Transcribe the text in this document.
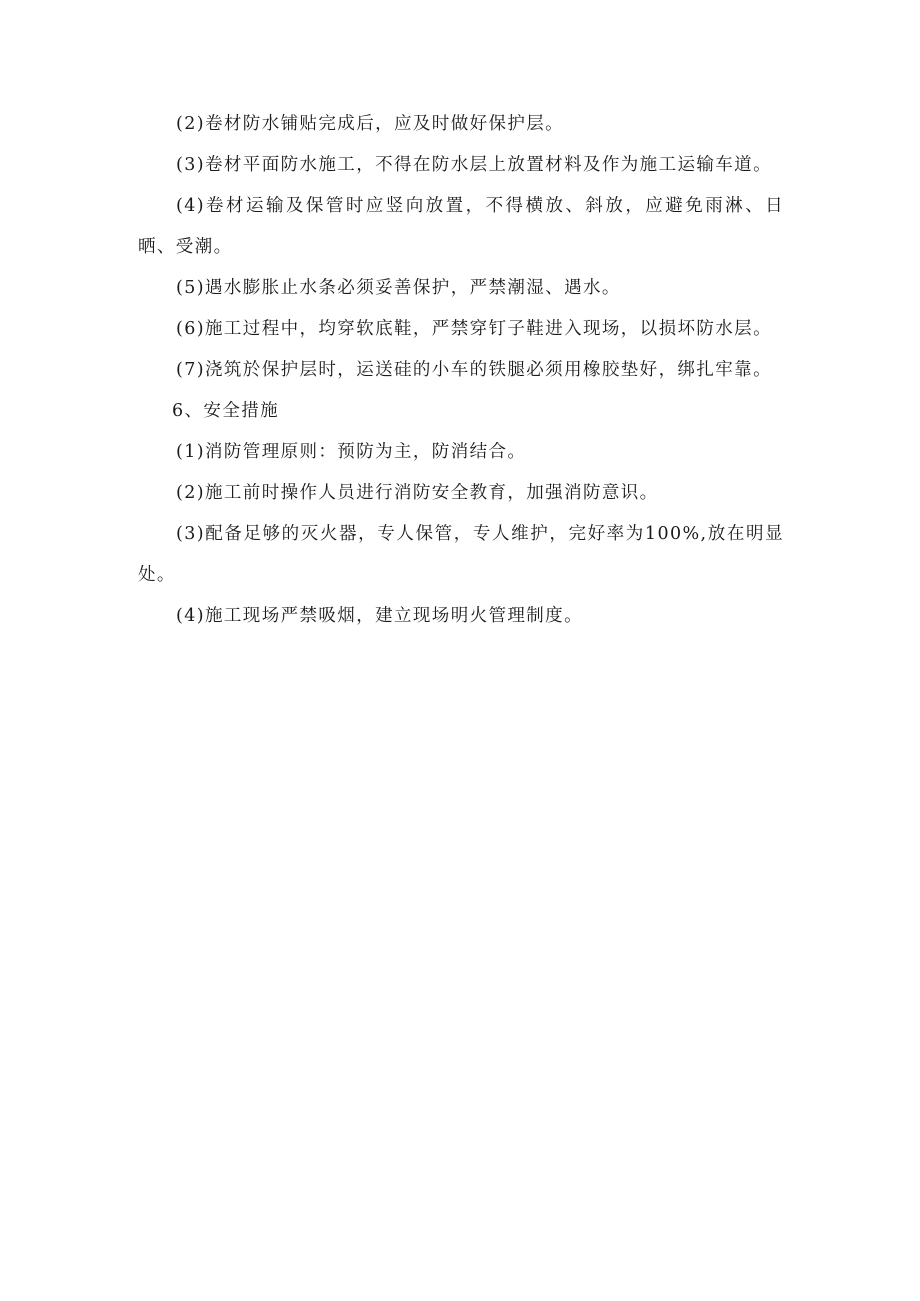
(2)卷材防水铺贴完成后，应及时做好保护层。

(3)卷材平面防水施工，不得在防水层上放置材料及作为施工运输车道。

(4)卷材运输及保管时应竖向放置，不得横放、斜放，应避免雨淋、日晒、受潮。

(5)遇水膨胀止水条必须妥善保护，严禁潮湿、遇水。

(6)施工过程中，均穿软底鞋，严禁穿钉子鞋进入现场，以损坏防水层。

(7)浇筑於保护层时，运送硅的小车的铁腿必须用橡胶垫好，绑扎牢靠。

6、安全措施

(1)消防管理原则：预防为主，防消结合。

(2)施工前时操作人员进行消防安全教育，加强消防意识。

(3)配备足够的灭火器，专人保管，专人维护，完好率为100%,放在明显处。

(4)施工现场严禁吸烟，建立现场明火管理制度。
